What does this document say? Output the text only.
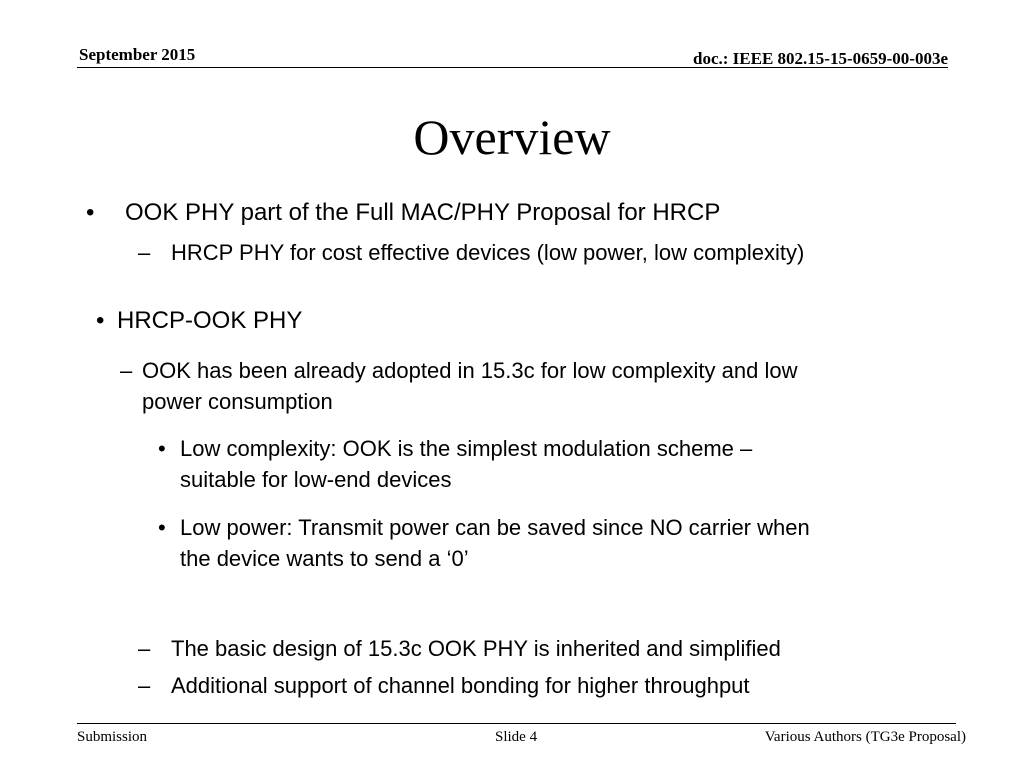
September 2015	doc.: IEEE 802.15-15-0659-00-003e
Overview
• OOK PHY part of the Full MAC/PHY Proposal for HRCP
– HRCP PHY for cost effective devices (low power, low complexity)
• HRCP-OOK PHY
– OOK has been already adopted in 15.3c for low complexity and low
power consumption
• Low complexity: OOK is the simplest modulation scheme –
suitable for low-end devices
• Low power: Transmit power can be saved since NO carrier when
the device wants to send a ‘0’
– The basic design of 15.3c OOK PHY is inherited and simplified
– Additional support of channel bonding for higher throughput
Submission	Slide 4	Various Authors (TG3e Proposal)
